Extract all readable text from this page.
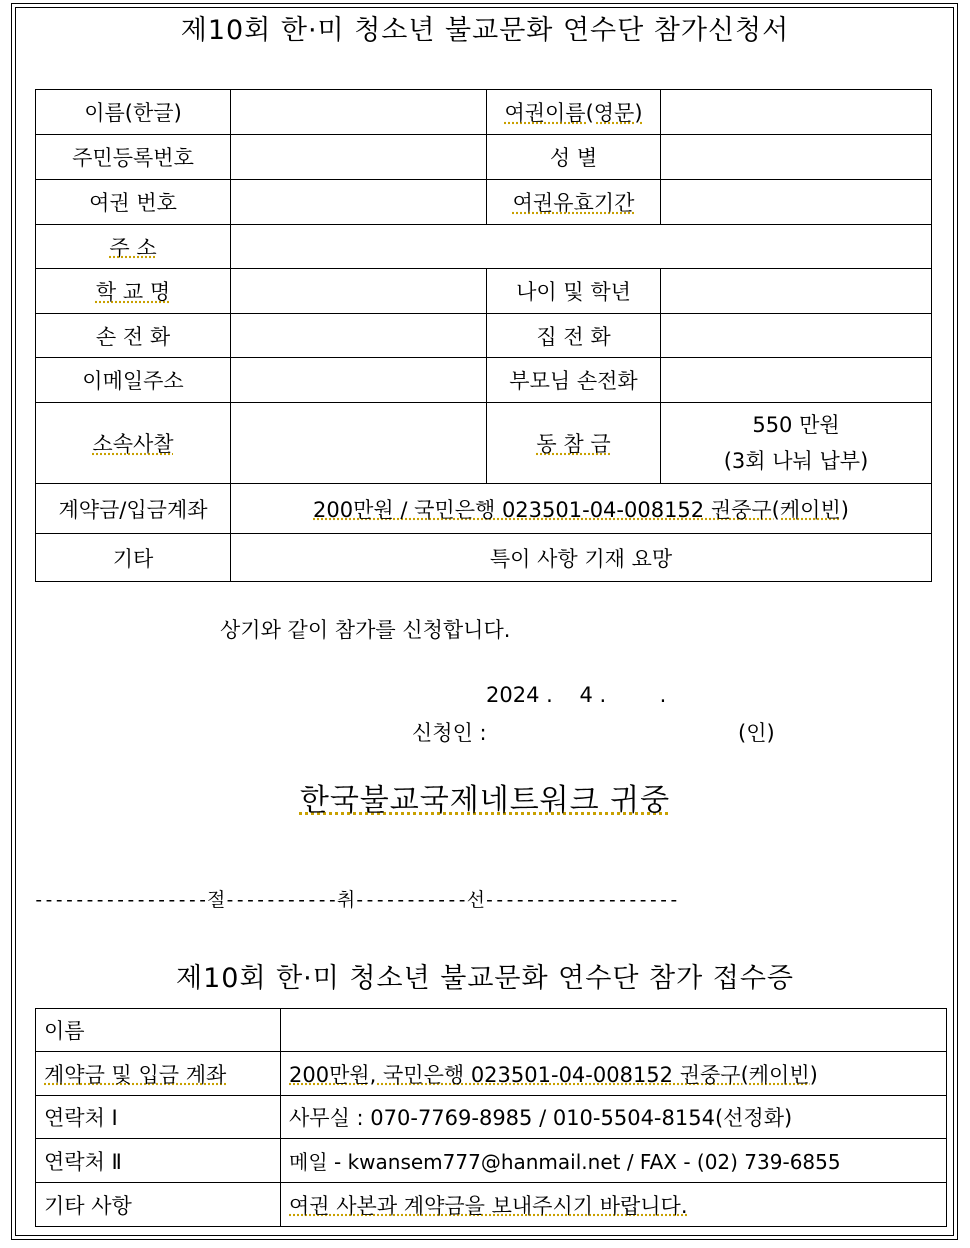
제10회 한·미 청소년 불교문화 연수단 참가신청서
이름(한글)		여권이름(영문)	
주민등록번호		성 별	
여권 번호		여권유효기간	
주 소			
학 교 명		나이 및 학년	
손 전 화		집 전 화	
이메일주소		부모님 손전화	
소속사찰		동 참 금	550 만원
(3회 나눠 납부)

계약금/입금계좌	200만원 / 국민은행 023501-04-008152 권중구(케이빈)		
기타	특이 사항 기재 요망		
상기와 같이 참가를 신청합니다.
2024 .    4 .        .
신청인 :	(인)
한국불교국제네트워크 귀중
-----------------절-----------취-----------선-------------------
제10회 한·미 청소년 불교문화 연수단 참가 접수증
이름	
계약금 및 입금 계좌	200만원, 국민은행 023501-04-008152 권중구(케이빈)
연락처 Ⅰ	사무실 : 070-7769-8985 / 010-5504-8154(선정화)
연락처 Ⅱ	메일 - kwansem777@hanmail.net / FAX - (02) 739-6855
기타 사항	여권 사본과 계약금을 보내주시기 바랍니다.
